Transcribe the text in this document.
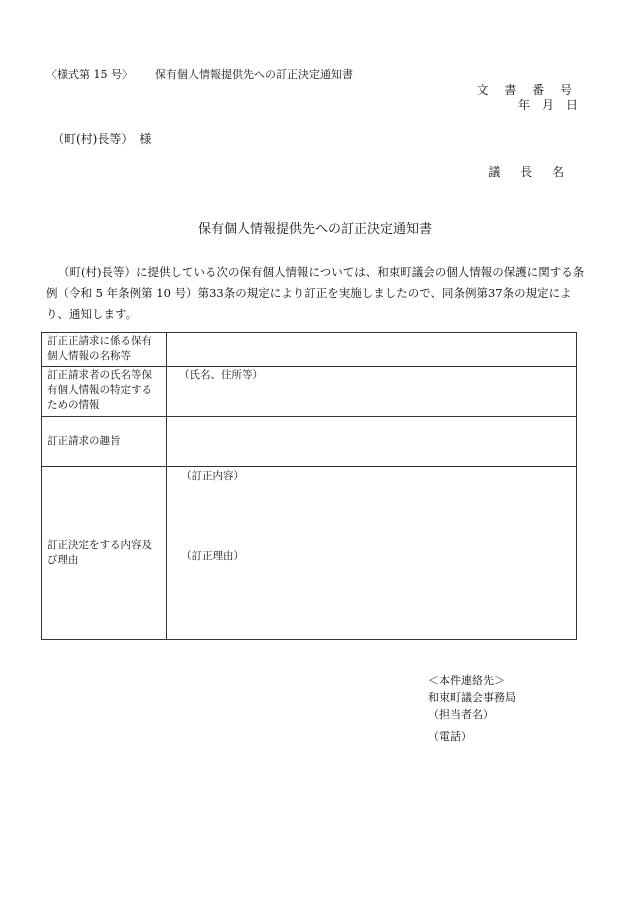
〈様式第 15 号〉 保有個人情報提供先への訂正決定通知書
文 書 番 号
年 月 日
（町(村)長等） 様
議 長 名
保有個人情報提供先への訂正決定通知書
（町(村)長等）に提供している次の保有個人情報については、和束町議会の個人情報の保護に関する条例（令和 5 年条例第 10 号）第33条の規定により訂正を実施しましたので、同条例第37条の規定により、通知します。
訂正正請求に係る保有個人情報の名称等	
訂正請求者の氏名等保有個人情報の特定するための情報	（氏名、住所等）
訂正請求の趣旨	
訂正決定をする内容及び理由	（訂正内容）
（訂正理由）
＜本件連絡先＞
和束町議会事務局
（担当者名）
（電話）
